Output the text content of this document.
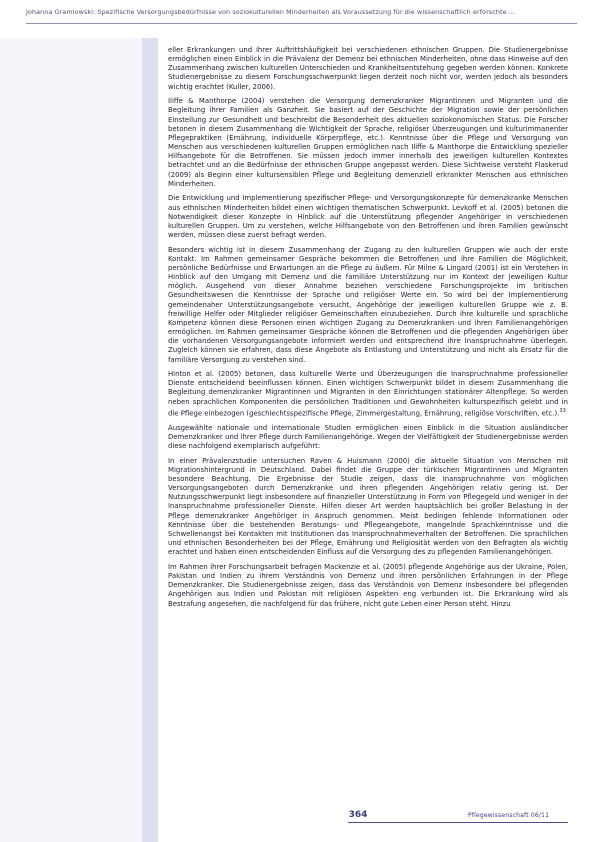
Johanna Gramlowski: Spezifische Versorgungsbedürfnisse von soziokulturellen Minderheiten als Voraussetzung für die wissenschaftlich erforschte ...

eller Erkrankungen und ihrer Auftrittshäufigkeit bei verschiedenen ethnischen Gruppen. Die Studienergebnisse ermöglichen einen Einblick in die Prävalenz der Demenz bei ethnischen Minderheiten, ohne dass Hinweise auf den Zusammenhang zwischen kulturellen Unterschieden und Krankheitsentstehung gegeben werden können. Konkrete Studienergebnisse zu diesem Forschungsschwerpunkt liegen derzeit noch nicht vor, werden jedoch als besonders wichtig erachtet (Kuller, 2006).

Iliffe & Manthorpe (2004) verstehen die Versorgung demenzkranker Migrantinnen und Migranten und die Begleitung ihrer Familien als Ganzheit. Sie basiert auf der Geschichte der Migration sowie der persönlichen Einstellung zur Gesundheit und beschreibt die Besonderheit des aktuellen soziokonomischen Status. Die Forscher betonen in diesem Zusammenhang die Wichtigkeit der Sprache, religiöser Überzeugungen und kulturimmanenter Pflegepraktiken (Ernährung, individuelle Körperpflege, etc.). Kenntnisse über die Pflege und Versorgung von Menschen aus verschiedenen kulturellen Gruppen ermöglichen nach Iliffe & Manthorpe die Entwicklung spezieller Hilfsangebote für die Betroffenen. Sie müssen jedoch immer innerhalb des jeweiligen kulturellen Kontextes betrachtet und an die Bedürfnisse der ethnischen Gruppe angepasst werden. Diese Sichtweise versteht Flaskerud (2009) als Beginn einer kultursensiblen Pflege und Begleitung demenziell erkrankter Menschen aus ethnischen Minderheiten.

Die Entwicklung und Implementierung spezifischer Pflege- und Versorgungskonzepte für demenzkranke Menschen aus ethnischen Minderheiten bildet einen wichtigen thematischen Schwerpunkt. Levkoff et al. (2005) betonen die Notwendigkeit dieser Konzepte in Hinblick auf die Unterstützung pflegender Angehöriger in verschiedenen kulturellen Gruppen. Um zu verstehen, welche Hilfsangebote von den Betroffenen und ihren Familien gewünscht werden, müssen diese zuerst befragt werden.

Besonders wichtig ist in diesem Zusammenhang der Zugang zu den kulturellen Gruppen wie auch der erste Kontakt. Im Rahmen gemeinsamer Gespräche bekommen die Betroffenen und ihre Familien die Möglichkeit, persönliche Bedürfnisse und Erwartungen an die Pflege zu äußern. Für Milne & Lingard (2001) ist ein Verstehen in Hinblick auf den Umgang mit Demenz und die familiäre Unterstützung nur im Kontext der jeweiligen Kultur möglich. Ausgehend von dieser Annahme beziehen verschiedene Forschungsprojekte im britischen Gesundheitswesen die Kenntnisse der Sprache und religiöser Werte ein. So wird bei der Implementierung gemeindenaher Unterstützungsangebote versucht, Angehörige der jeweiligen kulturellen Gruppe wie z. B. freiwillige Helfer oder Mitglieder religiöser Gemeinschaften einzubeziehen. Durch ihre kulturelle und sprachliche Kompetenz können diese Personen einen wichtigen Zugang zu Demenzkranken und ihren Familienangehörigen ermöglichen. Im Rahmen gemeinsamer Gespräche können die Betroffenen und die pflegenden Angehörigen über die vorhandenen Versorgungsangebote informiert werden und entsprechend ihre Inanspruchnahme überlegen. Zugleich können sie erfahren, dass diese Angebote als Entlastung und Unterstützung und nicht als Ersatz für die familiäre Versorgung zu verstehen sind.

Hinton et al. (2005) betonen, dass kulturelle Werte und Überzeugungen die Inanspruchnahme professioneller Dienste entscheidend beeinflussen können. Einen wichtigen Schwerpunkt bildet in diesem Zusammenhang die Begleitung demenzkranker Migrantinnen und Migranten in den Einrichtungen stationärer Altenpflege. So werden neben sprachlichen Komponenten die persönlichen Traditionen und Gewohnheiten kulturspezifisch gelebt und in die Pflege einbezogen (geschlechtsspezifische Pflege, Zimmergestaltung, Ernährung, religiöse Vorschriften, etc.).$^{33}$

Ausgewählte nationale und internationale Studien ermöglichen einen Einblick in die Situation ausländischer Demenzkranker und ihrer Pflege durch Familienangehörige. Wegen der Vielfältigkeit der Studienergebnisse werden diese nachfolgend exemplarisch aufgeführt:

In einer Prävalenzstudie untersuchen Raven & Huismann (2000) die aktuelle Situation von Menschen mit Migrationshintergrund in Deutschland. Dabei findet die Gruppe der türkischen Migrantinnen und Migranten besondere Beachtung. Die Ergebnisse der Studie zeigen, dass die Inanspruchnahme von möglichen Versorgungsangeboten durch Demenzkranke und ihren pflegenden Angehörigen relativ gering ist. Der Nutzungsschwerpunkt liegt insbesondere auf finanzieller Unterstützung in Form von Pflegegeld und weniger in der Inanspruchnahme professioneller Dienste. Hilfen dieser Art werden hauptsächlich bei großer Belastung in der Pflege demenzkranker Angehöriger in Anspruch genommen. Meist bedingen fehlende Informationen oder Kenntnisse über die bestehenden Beratungs- und Pflegeangebote, mangelnde Sprachkenntnisse und die Schwellenangst bei Kontakten mit Institutionen das Inanspruchnahmeverhalten der Betroffenen. Die sprachlichen und ethnischen Besonderheiten bei der Pflege, Ernährung und Religiosität werden von den Befragten als wichtig erachtet und haben einen entscheidenden Einfluss auf die Versorgung des zu pflegenden Familienangehörigen.

Im Rahmen ihrer Forschungsarbeit befragen Mackenzie et al. (2005) pflegende Angehörige aus der Ukraine, Polen, Pakistan und Indien zu ihrem Verständnis von Demenz und ihren persönlichen Erfahrungen in der Pflege Demenzkranker. Die Studienergebnisse zeigen, dass das Verständnis von Demenz insbesondere bei pflegenden Angehörigen aus Indien und Pakistan mit religiösen Aspekten eng verbunden ist. Die Erkrankung wird als Bestrafung angesehen, die nachfolgend für das frühere, nicht gute Leben einer Person steht. Hinzu

364	Pflegewissenschaft 06/11
